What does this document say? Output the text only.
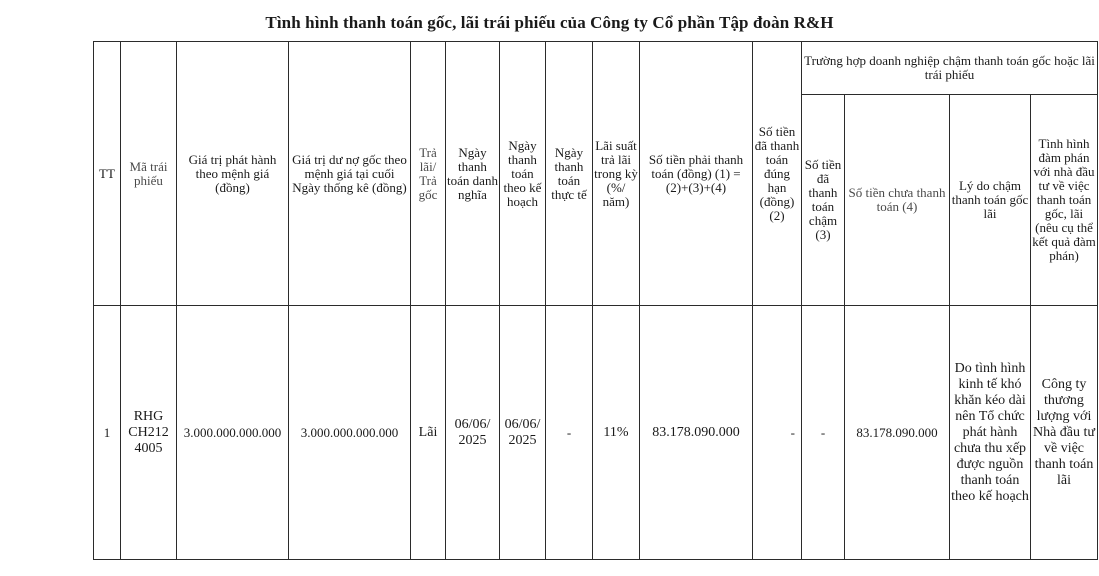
Tình hình thanh toán gốc, lãi trái phiếu của Công ty Cổ phần Tập đoàn R&H
TT	Mã trái phiếu	Giá trị phát hành theo mệnh giá (đồng)	Giá trị dư nợ gốc theo mệnh giá tại cuối Ngày thống kê (đồng)	Trả lãi/ Trả gốc	Ngày thanh toán danh nghĩa	Ngày thanh toán theo kế hoạch	Ngày thanh toán thực tế	Lãi suất trả lãi trong kỳ (%/ năm)	Số tiền phải thanh toán (đồng) (1) = (2)+(3)+(4)	Số tiền đã thanh toán đúng hạn (đồng) (2)	Trường hợp doanh nghiệp chậm thanh toán gốc hoặc lãi trái phiếu			
											Số tiền đã thanh toán chậm (3)	Số tiền chưa thanh toán (4)	Lý do chậm thanh toán gốc lãi	Tình hình đàm phán với nhà đầu tư về việc thanh toán gốc, lãi (nêu cụ thể kết quả đàm phán)
1	RHG CH212 4005	3.000.000.000.000	3.000.000.000.000	Lãi	06/06/ 2025	06/06/ 2025	-	11%	83.178.090.000	-	-	83.178.090.000	Do tình hình kinh tế khó khăn kéo dài nên Tổ chức phát hành chưa thu xếp được nguồn thanh toán theo kế hoạch	Công ty thương lượng với Nhà đầu tư về việc thanh toán lãi
